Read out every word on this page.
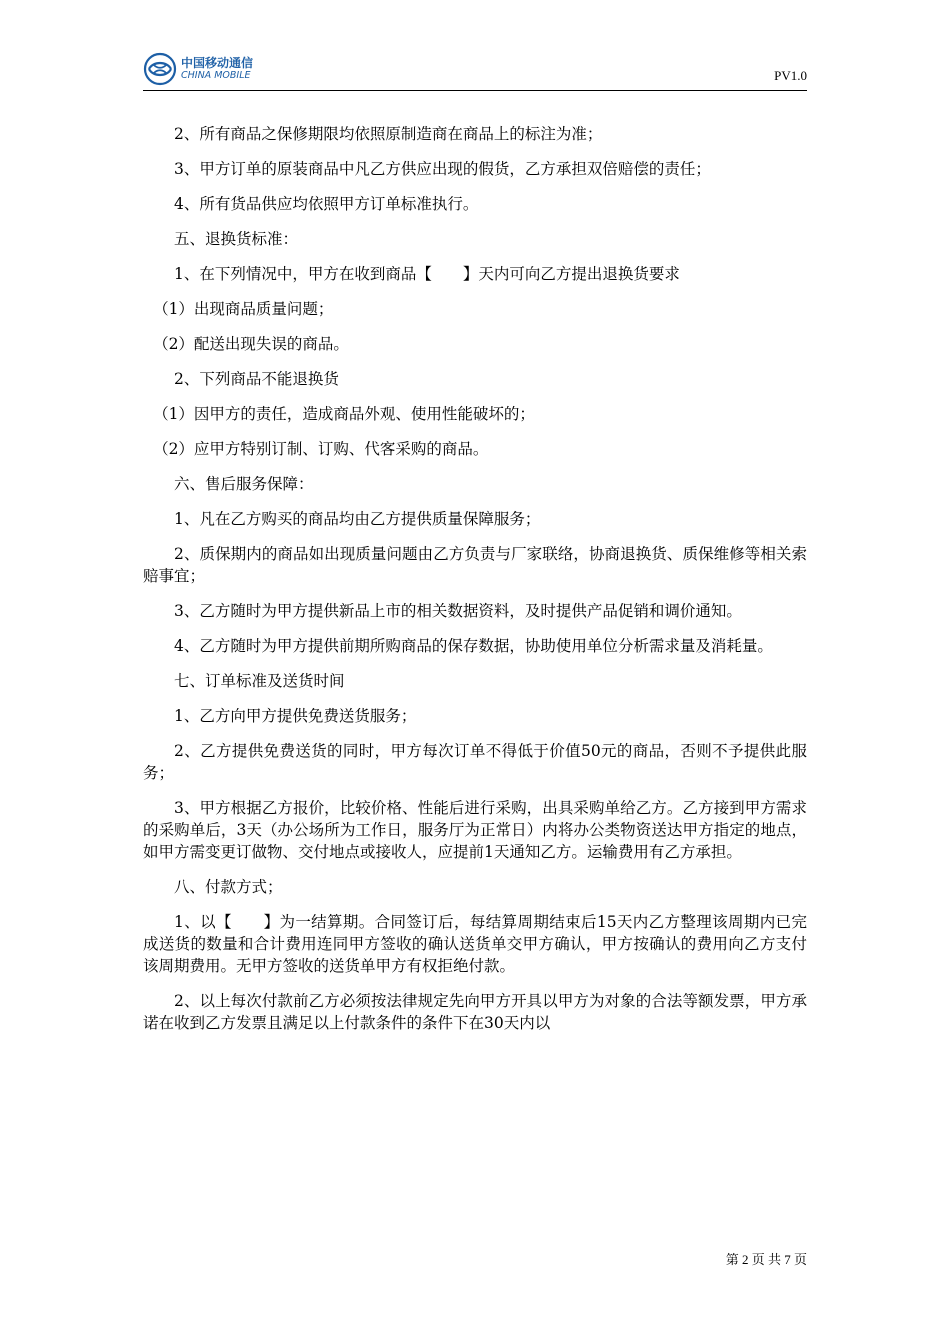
中国移动通信
CHINA MOBILE	PV1.0

2、所有商品之保修期限均依照原制造商在商品上的标注为准；

3、甲方订单的原装商品中凡乙方供应出现的假货，乙方承担双倍赔偿的责任；

4、所有货品供应均依照甲方订单标准执行。

五、退换货标准：

1、在下列情况中，甲方在收到商品【　　】天内可向乙方提出退换货要求

（1）出现商品质量问题；

（2）配送出现失误的商品。

2、下列商品不能退换货

（1）因甲方的责任，造成商品外观、使用性能破坏的；

（2）应甲方特别订制、订购、代客采购的商品。

六、售后服务保障：

1、凡在乙方购买的商品均由乙方提供质量保障服务；

2、质保期内的商品如出现质量问题由乙方负责与厂家联络，协商退换货、质保维修等相关索赔事宜；

3、乙方随时为甲方提供新品上市的相关数据资料，及时提供产品促销和调价通知。

4、乙方随时为甲方提供前期所购商品的保存数据，协助使用单位分析需求量及消耗量。

七、订单标准及送货时间

1、乙方向甲方提供免费送货服务；

2、乙方提供免费送货的同时，甲方每次订单不得低于价值50元的商品，否则不予提供此服务；

3、甲方根据乙方报价，比较价格、性能后进行采购，出具采购单给乙方。乙方接到甲方需求的采购单后，3天（办公场所为工作日，服务厅为正常日）内将办公类物资送达甲方指定的地点，如甲方需变更订做物、交付地点或接收人，应提前1天通知乙方。运输费用有乙方承担。

八、付款方式；

1、以【　　】为一结算期。合同签订后，每结算周期结束后15天内乙方整理该周期内已完成送货的数量和合计费用连同甲方签收的确认送货单交甲方确认，甲方按确认的费用向乙方支付该周期费用。无甲方签收的送货单甲方有权拒绝付款。

2、以上每次付款前乙方必须按法律规定先向甲方开具以甲方为对象的合法等额发票，甲方承诺在收到乙方发票且满足以上付款条件的条件下在30天内以

第 2 页 共 7 页
